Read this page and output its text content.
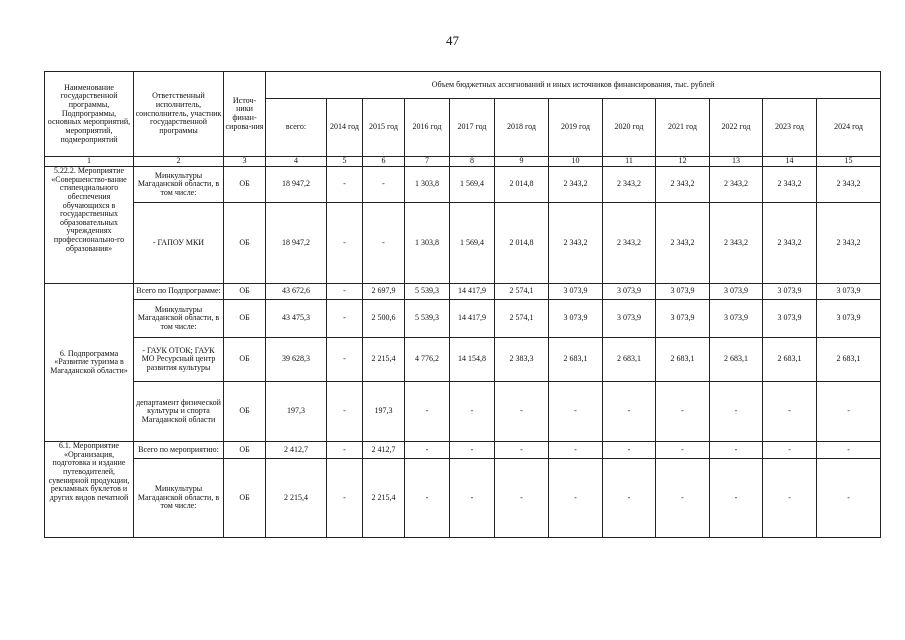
47
Наименование государственной программы, Подпрограммы, основных мероприятий, мероприятий, подмероприятий	Ответственный исполнитель, соисполнитель, участник государственной программы	Источ-ники финан-сирова-ния	Объем бюджетных ассигнований и иных источников финансирования, тыс. рублей											
			всего:	2014 год	2015 год	2016 год	2017 год	2018 год	2019 год	2020 год	2021 год	2022 год	2023 год	2024 год
1	2	3	4	5	6	7	8	9	10	11	12	13	14	15
5.22.2. Мероприятие «Совершенство-вание стипендиального обеспечения обучающихся в государственных образовательных учреждениях профессионально-го образования»	Минкультуры Магаданской области, в том числе:	ОБ	18 947,2	-	-	1 303,8	1 569,4	2 014,8	2 343,2	2 343,2	2 343,2	2 343,2	2 343,2	2 343,2
	- ГАПОУ МКИ	ОБ	18 947,2	-	-	1 303,8	1 569,4	2 014,8	2 343,2	2 343,2	2 343,2	2 343,2	2 343,2	2 343,2
6. Подпрограмма «Развитие туризма в Магаданской области»	Всего по Подпрограмме:	ОБ	43 672,6	-	2 697,9	5 539,3	14 417,9	2 574,1	3 073,9	3 073,9	3 073,9	3 073,9	3 073,9	3 073,9
	Минкультуры Магаданской области, в том числе:	ОБ	43 475,3	-	2 500,6	5 539,3	14 417,9	2 574,1	3 073,9	3 073,9	3 073,9	3 073,9	3 073,9	3 073,9
	- ГАУК ОТОК; ГАУК МО Ресурсный центр развития культуры	ОБ	39 628,3	-	2 215,4	4 776,2	14 154,8	2 383,3	2 683,1	2 683,1	2 683,1	2 683,1	2 683,1	2 683,1
	департамент физической культуры и спорта Магаданской области	ОБ	197,3	-	197,3	-	-	-	-	-	-	-	-	-
6.1. Мероприятие «Организация, подготовка и издание путеводителей, сувенирной продукции, рекламных буклетов и других видов печатной	Всего по мероприятию:	ОБ	2 412,7	-	2 412,7	-	-	-	-	-	-	-	-	-
	Минкультуры Магаданской области, в том числе:	ОБ	2 215,4	-	2 215,4	-	-	-	-	-	-	-	-	-
